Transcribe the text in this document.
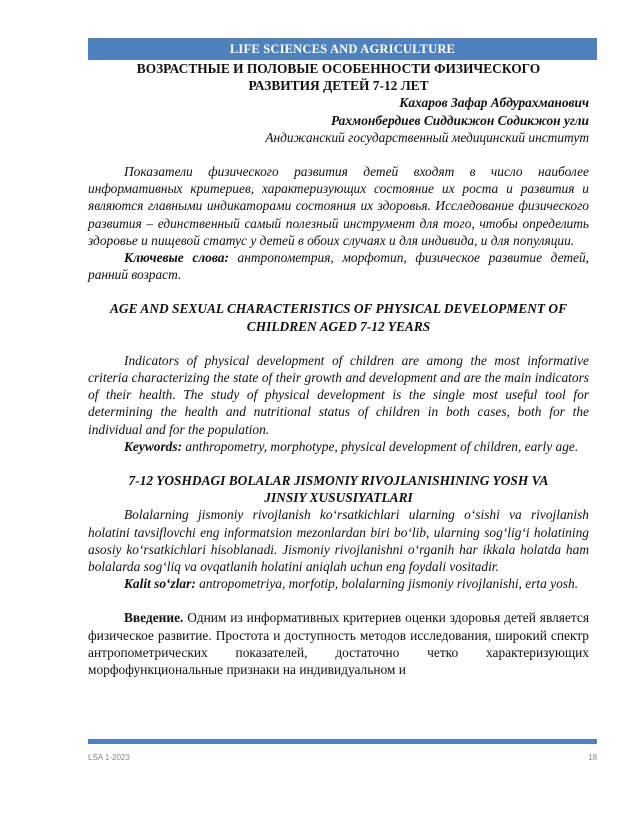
LIFE SCIENCES AND AGRICULTURE

ВОЗРАСТНЫЕ И ПОЛОВЫЕ ОСОБЕННОСТИ ФИЗИЧЕСКОГО

РАЗВИТИЯ ДЕТЕЙ 7-12 ЛЕТ

Кахаров Зафар Абдурахманович

Рахмонбердиев Сиддикжон Содикжон угли

Андижанский государственный медицинский институт

Показатели физического развития детей входят в число наиболее информативных критериев, характеризующих состояние их роста и развития и являются главными индикаторами состояния их здоровья. Исследование физического развития – единственный самый полезный инструмент для того, чтобы определить здоровье и пищевой статус у детей в обоих случаях и для индивида, и для популяции.

Ключевые слова: антропометрия, морфотип, физическое развитие детей, ранний возраст.

AGE AND SEXUAL CHARACTERISTICS OF PHYSICAL DEVELOPMENT OF

CHILDREN AGED 7-12 YEARS

Indicators of physical development of children are among the most informative criteria characterizing the state of their growth and development and are the main indicators of their health. The study of physical development is the single most useful tool for determining the health and nutritional status of children in both cases, both for the individual and for the population.

Keywords: anthropometry, morphotype, physical development of children, early age.

7-12 YOSHDAGI BOLALAR JISMONIY RIVOJLANISHINING YOSH VA

JINSIY XUSUSIYATLARI

Bolalarning jismoniy rivojlanish koʻrsatkichlari ularning oʻsishi va rivojlanish holatini tavsiflovchi eng informatsion mezonlardan biri boʻlib, ularning sogʻligʻi holatining asosiy koʻrsatkichlari hisoblanadi. Jismoniy rivojlanishni oʻrganih har ikkala holatda ham bolalarda sogʻliq va ovqatlanih holatini aniqlah uchun eng foydali vositadir.

Kalit soʻzlar: antropometriya, morfotip, bolalarning jismoniy rivojlanishi, erta yosh.

Введение. Одним из информативных критериев оценки здоровья детей является физическое развитие. Простота и доступность методов исследования, широкий спектр антропометрических показателей, достаточно четко характеризующих морфофункциональные признаки на индивидуальном и

LSA 1-2023	18
